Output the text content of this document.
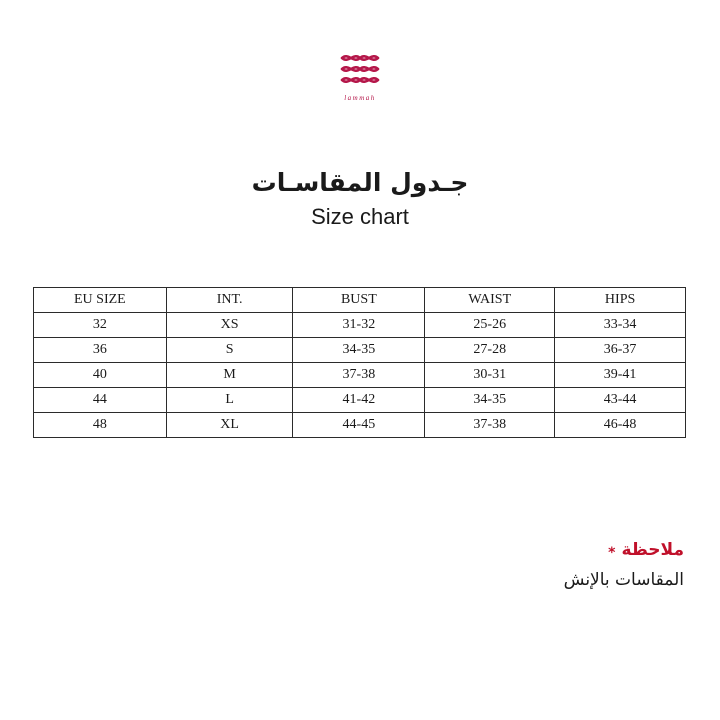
lammah
جـدول المقاسـات
Size chart
EU SIZE	INT.	BUST	WAIST	HIPS
32	XS	31-32	25-26	33-34
36	S	34-35	27-28	36-37
40	M	37-38	30-31	39-41
44	L	41-42	34-35	43-44
48	XL	44-45	37-38	46-48
ملاحظة*
المقاسات بالإنش
